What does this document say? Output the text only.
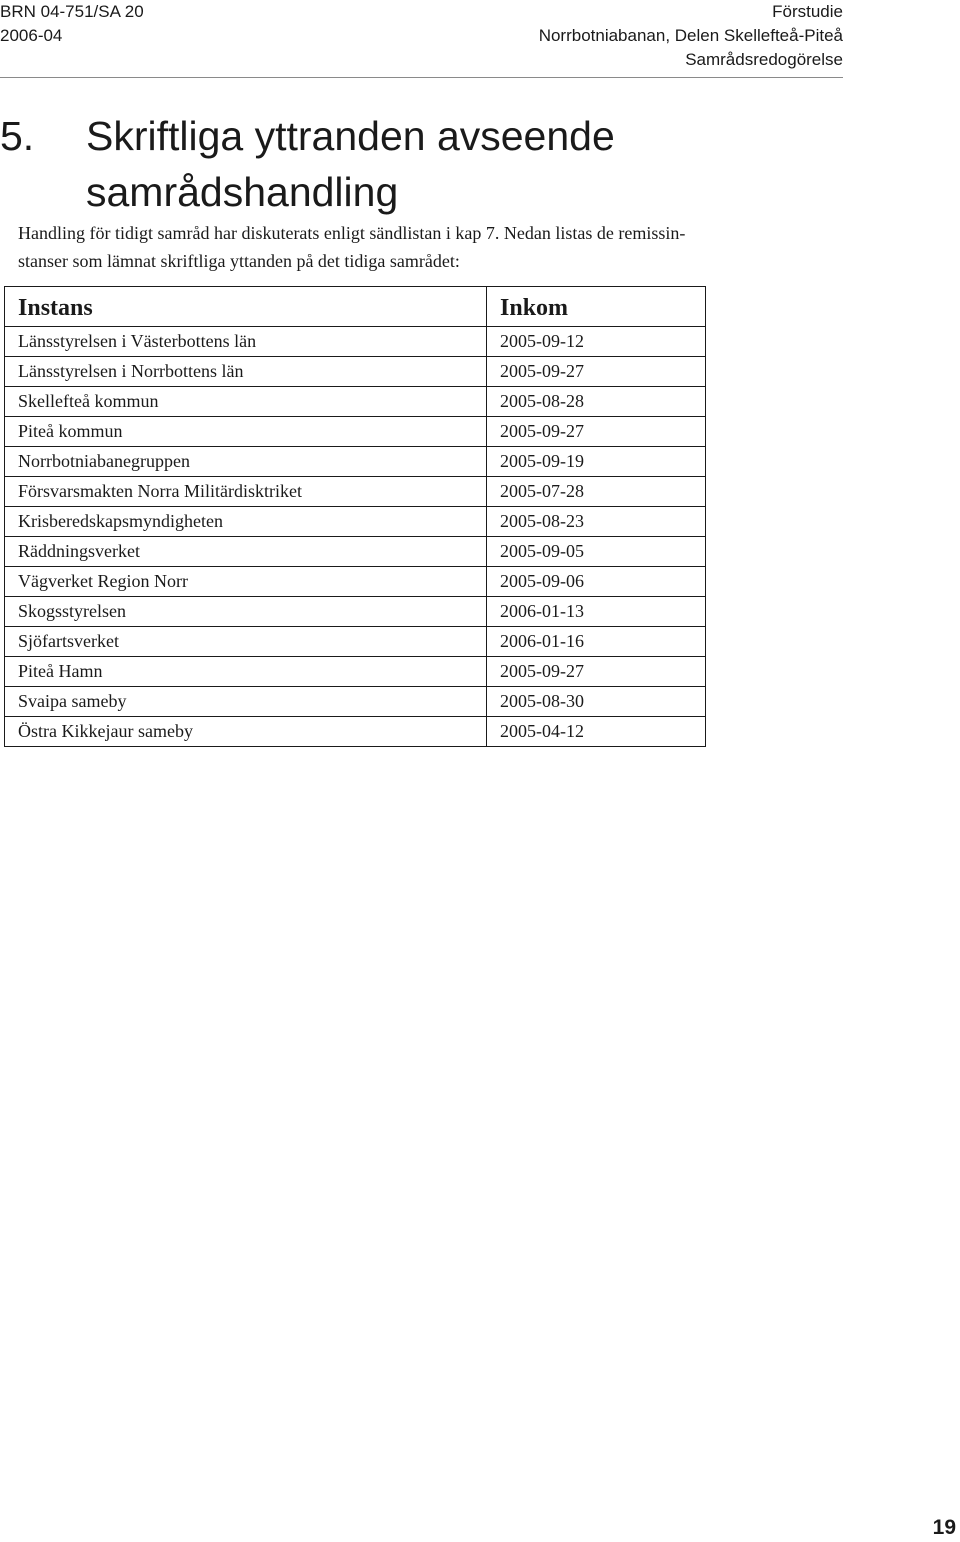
BRN 04-751/SA 20
2006-04
Förstudie
Norrbotniabanan, Delen Skellefteå-Piteå
Samrådsredogörelse
5. Skriftliga yttranden avseende
samrådshandling

Handling för tidigt samråd har diskuterats enligt sändlistan i kap 7. Nedan listas de remissin-
stanser som lämnat skriftliga yttanden på det tidiga samrådet:

Instans	Inkom
Länsstyrelsen i Västerbottens län	2005-09-12
Länsstyrelsen i Norrbottens län	2005-09-27
Skellefteå kommun	2005-08-28
Piteå kommun	2005-09-27
Norrbotniabanegruppen	2005-09-19
Försvarsmakten Norra Militärdisktriket	2005-07-28
Krisberedskapsmyndigheten	2005-08-23
Räddningsverket	2005-09-05
Vägverket Region Norr	2005-09-06
Skogsstyrelsen	2006-01-13
Sjöfartsverket	2006-01-16
Piteå Hamn	2005-09-27
Svaipa sameby	2005-08-30
Östra Kikkejaur sameby	2005-04-12
19
